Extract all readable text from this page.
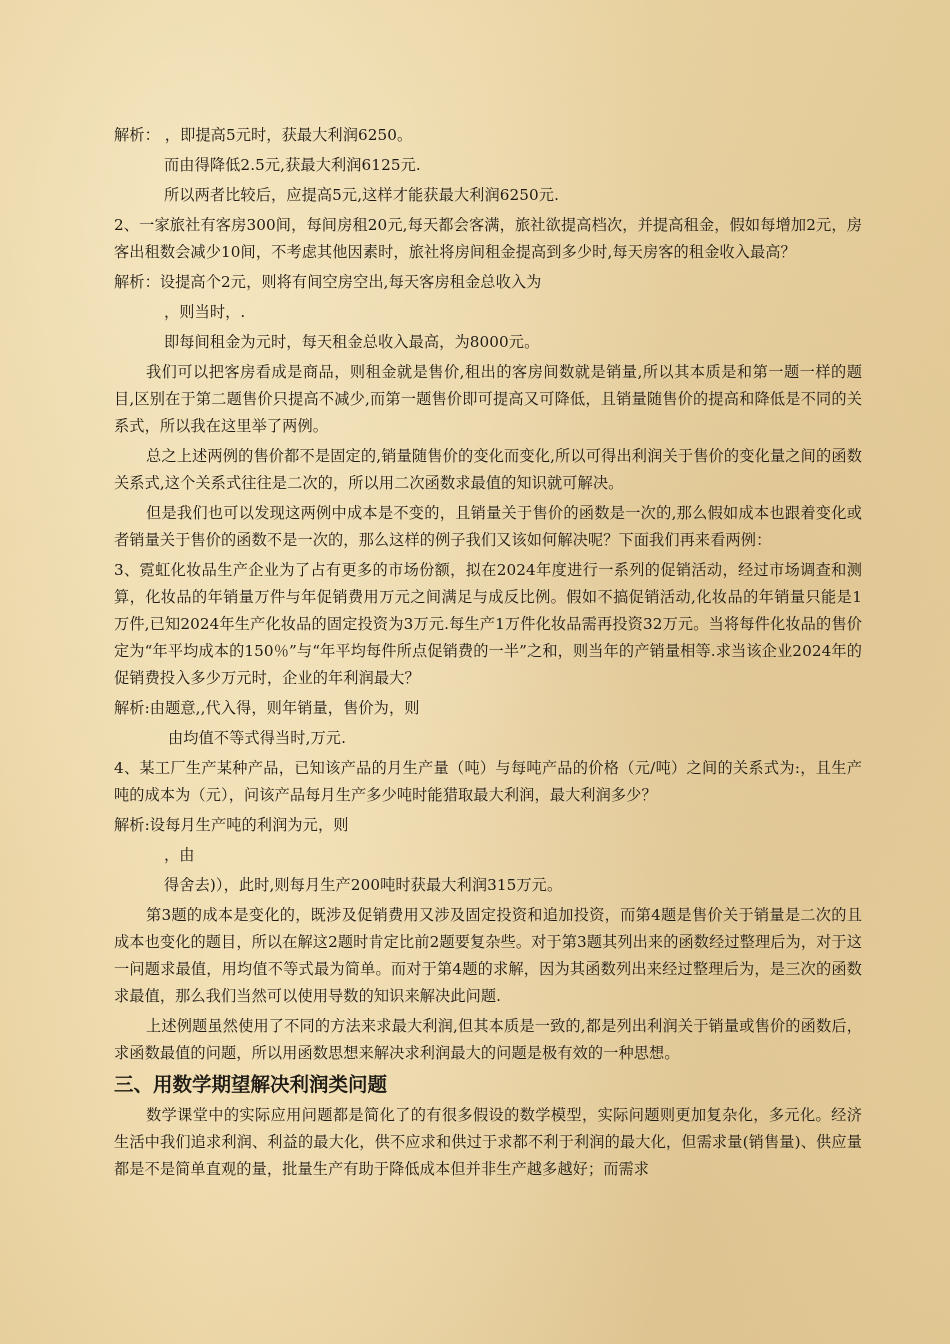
解析： ，即提高5元时，获最大利润6250。

而由得降低2.5元,获最大利润6125元.

所以两者比较后，应提高5元,这样才能获最大利润6250元.

2、一家旅社有客房300间，每间房租20元,每天都会客满，旅社欲提高档次，并提高租金，假如每增加2元，房客出租数会减少10间，不考虑其他因素时，旅社将房间租金提高到多少时,每天房客的租金收入最高？

解析：设提高个2元，则将有间空房空出,每天客房租金总收入为

，则当时，.

即每间租金为元时，每天租金总收入最高，为8000元。

我们可以把客房看成是商品，则租金就是售价,租出的客房间数就是销量,所以其本质是和第一题一样的题目,区别在于第二题售价只提高不减少,而第一题售价即可提高又可降低，且销量随售价的提高和降低是不同的关系式，所以我在这里举了两例。

总之上述两例的售价都不是固定的,销量随售价的变化而变化,所以可得出利润关于售价的变化量之间的函数关系式,这个关系式往往是二次的，所以用二次函数求最值的知识就可解决。

但是我们也可以发现这两例中成本是不变的，且销量关于售价的函数是一次的,那么假如成本也跟着变化或者销量关于售价的函数不是一次的，那么这样的例子我们又该如何解决呢？下面我们再来看两例：

3、霓虹化妆品生产企业为了占有更多的市场份额，拟在2024年度进行一系列的促销活动，经过市场调查和测算，化妆品的年销量万件与年促销费用万元之间满足与成反比例。假如不搞促销活动,化妆品的年销量只能是1万件,已知2024年生产化妆品的固定投资为3万元.每生产1万件化妆品需再投资32万元。当将每件化妆品的售价定为“年平均成本的150％”与“年平均每件所点促销费的一半”之和，则当年的产销量相等.求当该企业2024年的促销费投入多少万元时，企业的年利润最大？

解析:由题意,,代入得，则年销量，售价为，则

由均值不等式得当时,万元.

4、某工厂生产某种产品，已知该产品的月生产量（吨）与每吨产品的价格（元/吨）之间的关系式为:，且生产吨的成本为（元），问该产品每月生产多少吨时能猎取最大利润，最大利润多少？

解析:设每月生产吨的利润为元，则

，由

得舍去)），此时,则每月生产200吨时获最大利润315万元。

第3题的成本是变化的，既涉及促销费用又涉及固定投资和追加投资，而第4题是售价关于销量是二次的且成本也变化的题目，所以在解这2题时肯定比前2题要复杂些。对于第3题其列出来的函数经过整理后为，对于这一问题求最值，用均值不等式最为简单。而对于第4题的求解，因为其函数列出来经过整理后为，是三次的函数求最值，那么我们当然可以使用导数的知识来解决此问题.

上述例题虽然使用了不同的方法来求最大利润,但其本质是一致的,都是列出利润关于销量或售价的函数后，求函数最值的问题，所以用函数思想来解决求利润最大的问题是极有效的一种思想。

三、用数学期望解决利润类问题

数学课堂中的实际应用问题都是简化了的有很多假设的数学模型，实际问题则更加复杂化，多元化。经济生活中我们追求利润、利益的最大化，供不应求和供过于求都不利于利润的最大化，但需求量(销售量)、供应量都是不是简单直观的量，批量生产有助于降低成本但并非生产越多越好；而需求
